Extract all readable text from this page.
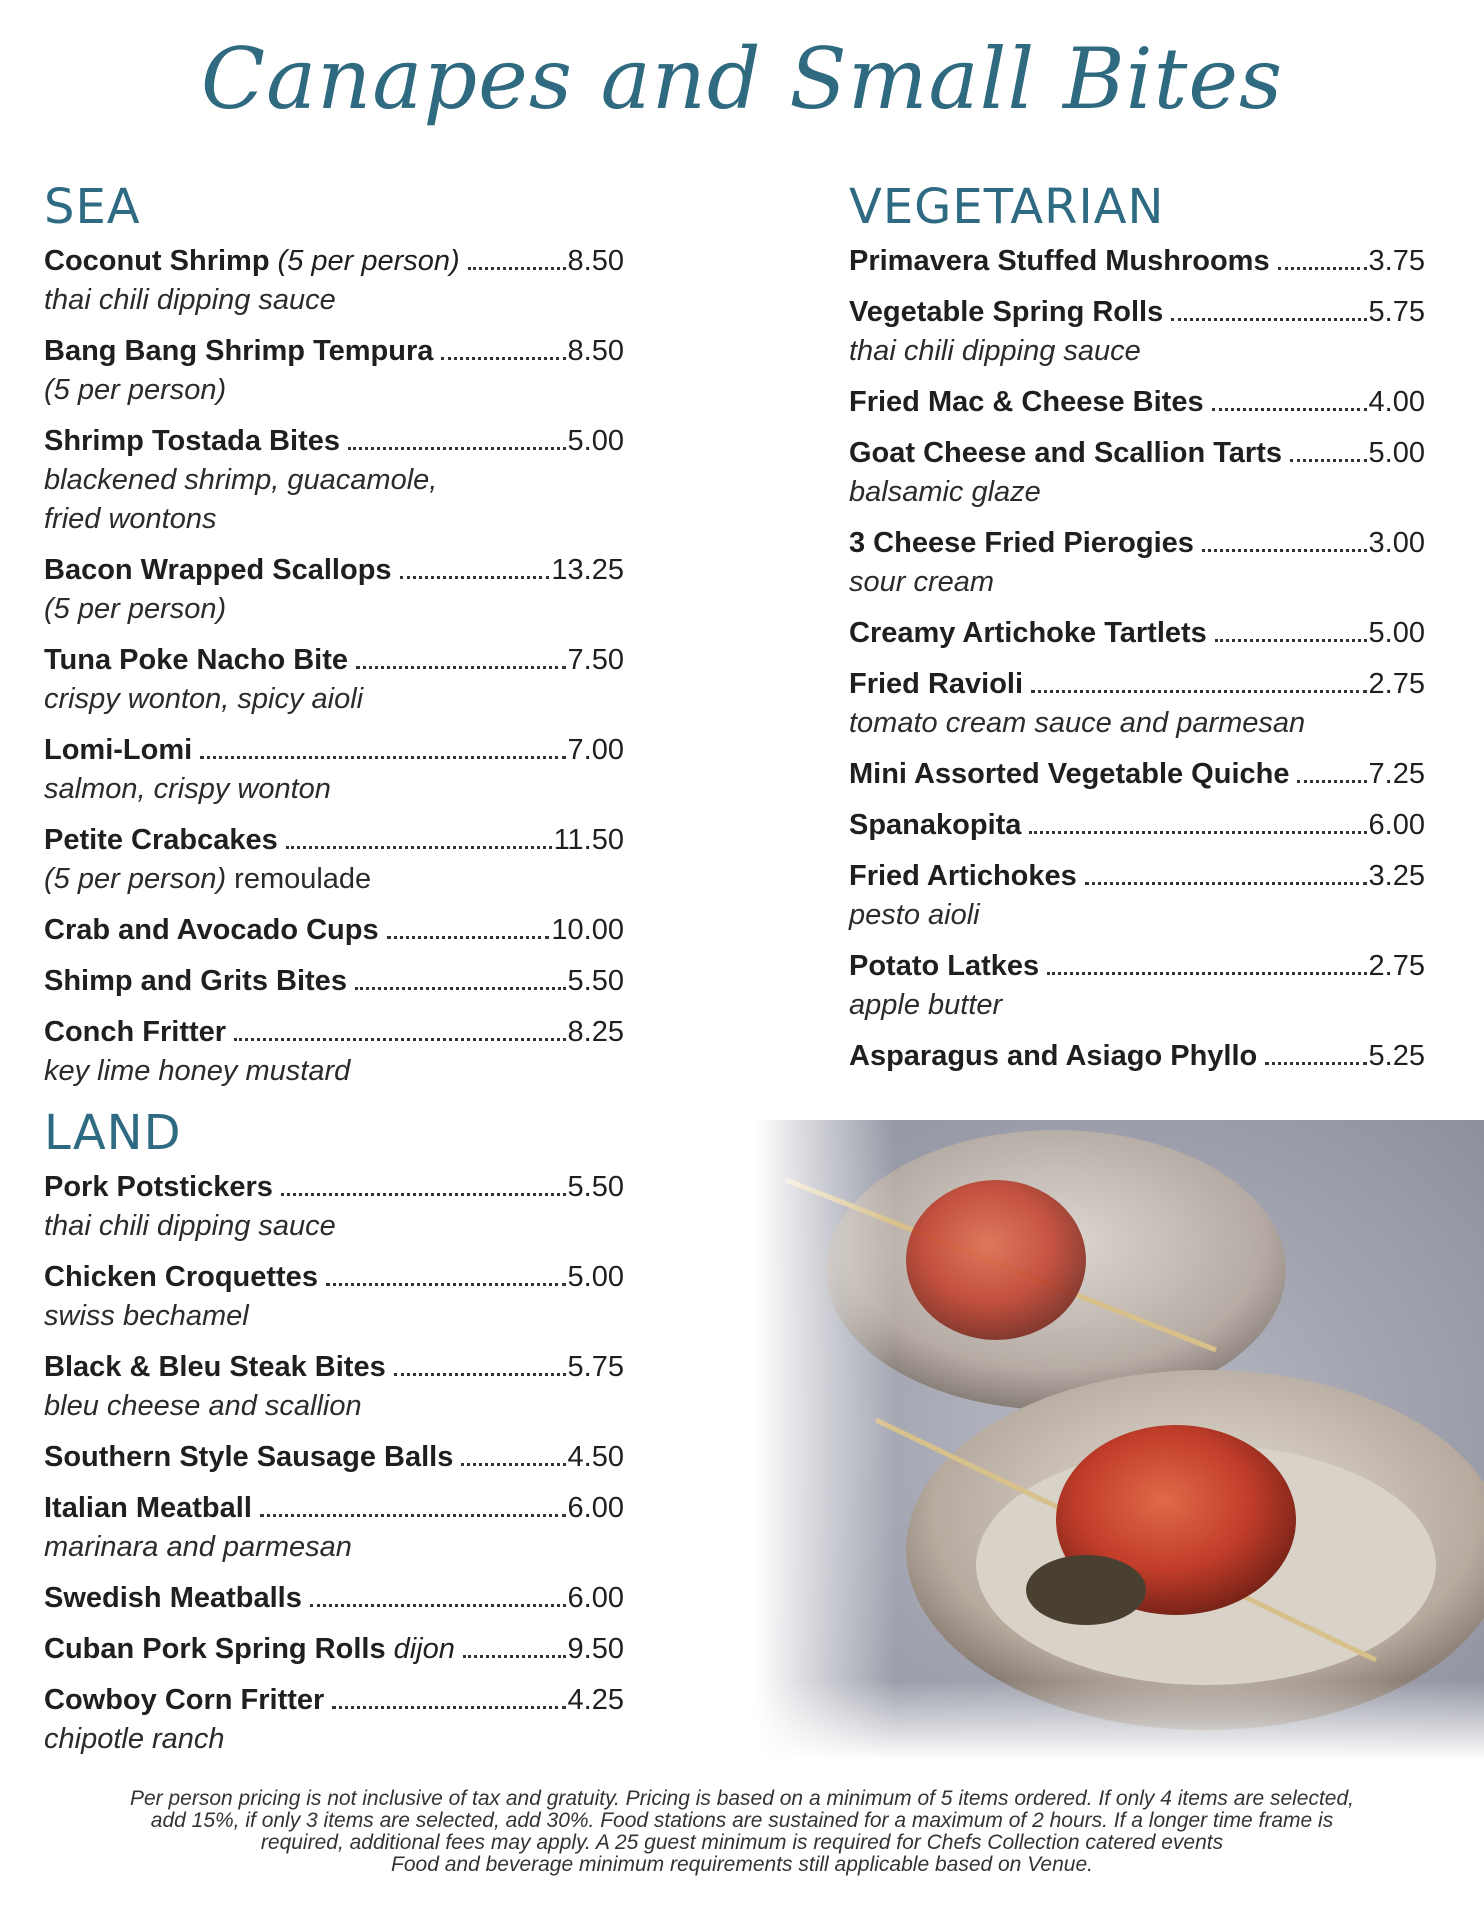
Canapes and Small Bites
SEA
Coconut Shrimp (5 per person)	8.50
thai chili dipping sauce
Bang Bang Shrimp Tempura	8.50
(5 per person)
Shrimp Tostada Bites	5.00
blackened shrimp, guacamole,
fried wontons
Bacon Wrapped Scallops	13.25
(5 per person)
Tuna Poke Nacho Bite	7.50
crispy wonton, spicy aioli
Lomi-Lomi	7.00
salmon, crispy wonton
Petite Crabcakes	11.50
(5 per person) remoulade
Crab and Avocado Cups	10.00
Shimp and Grits Bites	5.50
Conch Fritter	8.25
key lime honey mustard
LAND
Pork Potstickers	5.50
thai chili dipping sauce
Chicken Croquettes	5.00
swiss bechamel
Black & Bleu Steak Bites	5.75
bleu cheese and scallion
Southern Style Sausage Balls	4.50
Italian Meatball	6.00
marinara and parmesan
Swedish Meatballs	6.00
Cuban Pork Spring Rolls dijon	9.50
Cowboy Corn Fritter	4.25
chipotle ranch
VEGETARIAN
Primavera Stuffed Mushrooms	3.75
Vegetable Spring Rolls	5.75
thai chili dipping sauce
Fried Mac & Cheese Bites	4.00
Goat Cheese and Scallion Tarts	5.00
balsamic glaze
3 Cheese Fried Pierogies	3.00
sour cream
Creamy Artichoke Tartlets	5.00
Fried Ravioli	2.75
tomato cream sauce and parmesan
Mini Assorted Vegetable Quiche	7.25
Spanakopita	6.00
Fried Artichokes	3.25
pesto aioli
Potato Latkes	2.75
apple butter
Asparagus and Asiago Phyllo	5.25
Per person pricing is not inclusive of tax and gratuity. Pricing is based on a minimum of 5 items ordered. If only 4 items are selected,
add 15%, if only 3 items are selected, add 30%. Food stations are sustained for a maximum of 2 hours. If a longer time frame is
required, additional fees may apply. A 25 guest minimum is required for Chefs Collection catered events
Food and beverage minimum requirements still applicable based on Venue.
